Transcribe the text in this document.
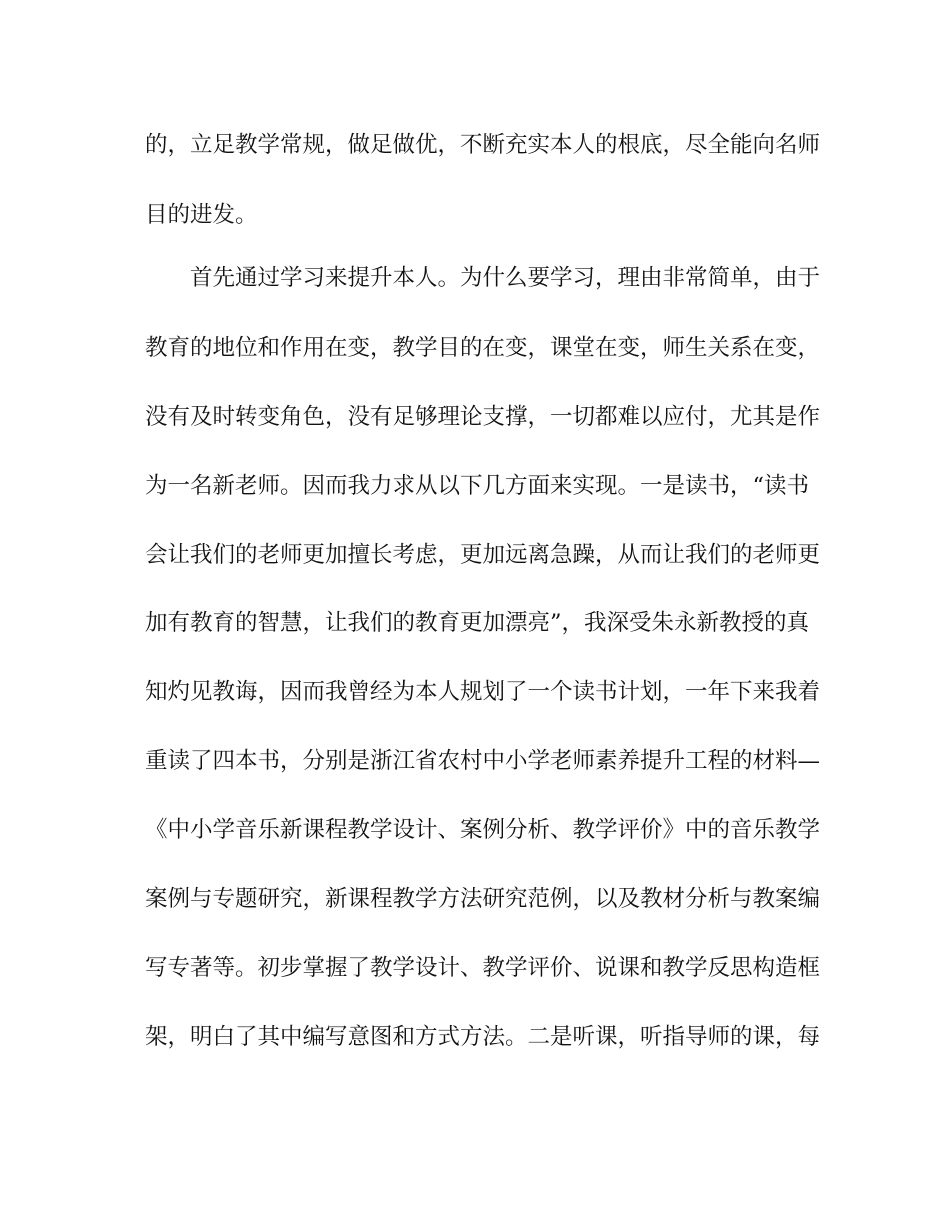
的，立足教学常规，做足做优，不断充实本人的根底，尽全能向名师
目的进发。
首先通过学习来提升本人。为什么要学习，理由非常简单，由于
教育的地位和作用在变，教学目的在变，课堂在变，师生关系在变，
没有及时转变角色，没有足够理论支撑，一切都难以应付，尤其是作
为一名新老师。因而我力求从以下几方面来实现。一是读书，“读书
会让我们的老师更加擅长考虑，更加远离急躁，从而让我们的老师更
加有教育的智慧，让我们的教育更加漂亮”，我深受朱永新教授的真
知灼见教诲，因而我曾经为本人规划了一个读书计划，一年下来我着
重读了四本书，分别是浙江省农村中小学老师素养提升工程的材料—
《中小学音乐新课程教学设计、案例分析、教学评价》中的音乐教学
案例与专题研究，新课程教学方法研究范例，以及教材分析与教案编
写专著等。初步掌握了教学设计、教学评价、说课和教学反思构造框
架，明白了其中编写意图和方式方法。二是听课，听指导师的课，每
